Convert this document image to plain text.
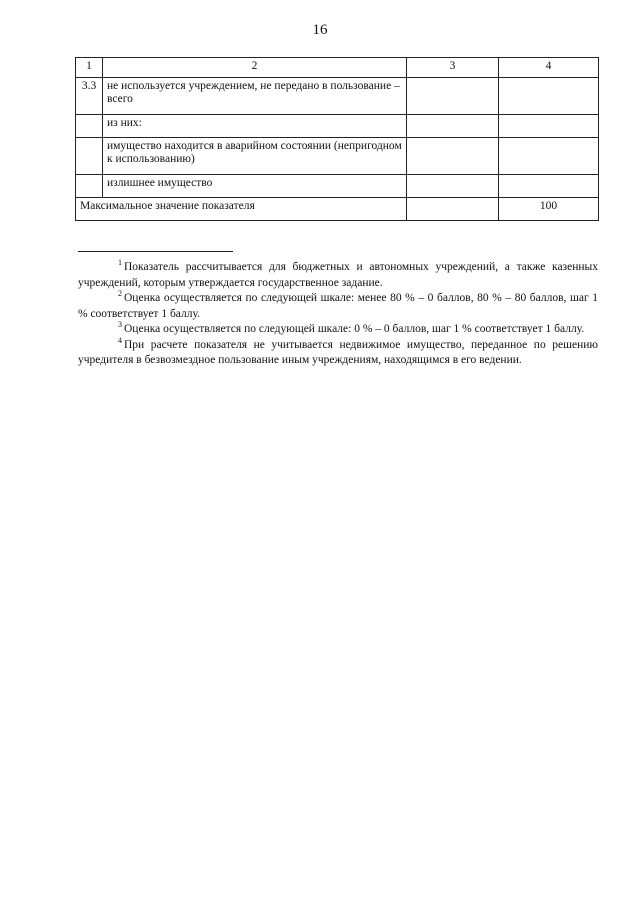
16
1	2	3	4
3.3	не используется учреждением, не передано в пользование – всего		
	из них:		
	имущество находится в аварийном состоянии (непригодном к использованию)		
	излишнее имущество		
Максимальное значение показателя			100

$^1$ Показатель рассчитывается для бюджетных и автономных учреждений, а также казенных учреждений, которым утверждается государственное задание.

$^2$ Оценка осуществляется по следующей шкале: менее 80 % – 0 баллов, 80 % – 80 баллов, шаг 1 % соответствует 1 баллу.

$^3$ Оценка осуществляется по следующей шкале: 0 % – 0 баллов, шаг 1 % соответствует 1 баллу.

$^4$ При расчете показателя не учитывается недвижимое имущество, переданное по решению учредителя в безвозмездное пользование иным учреждениям, находящимся в его ведении.
